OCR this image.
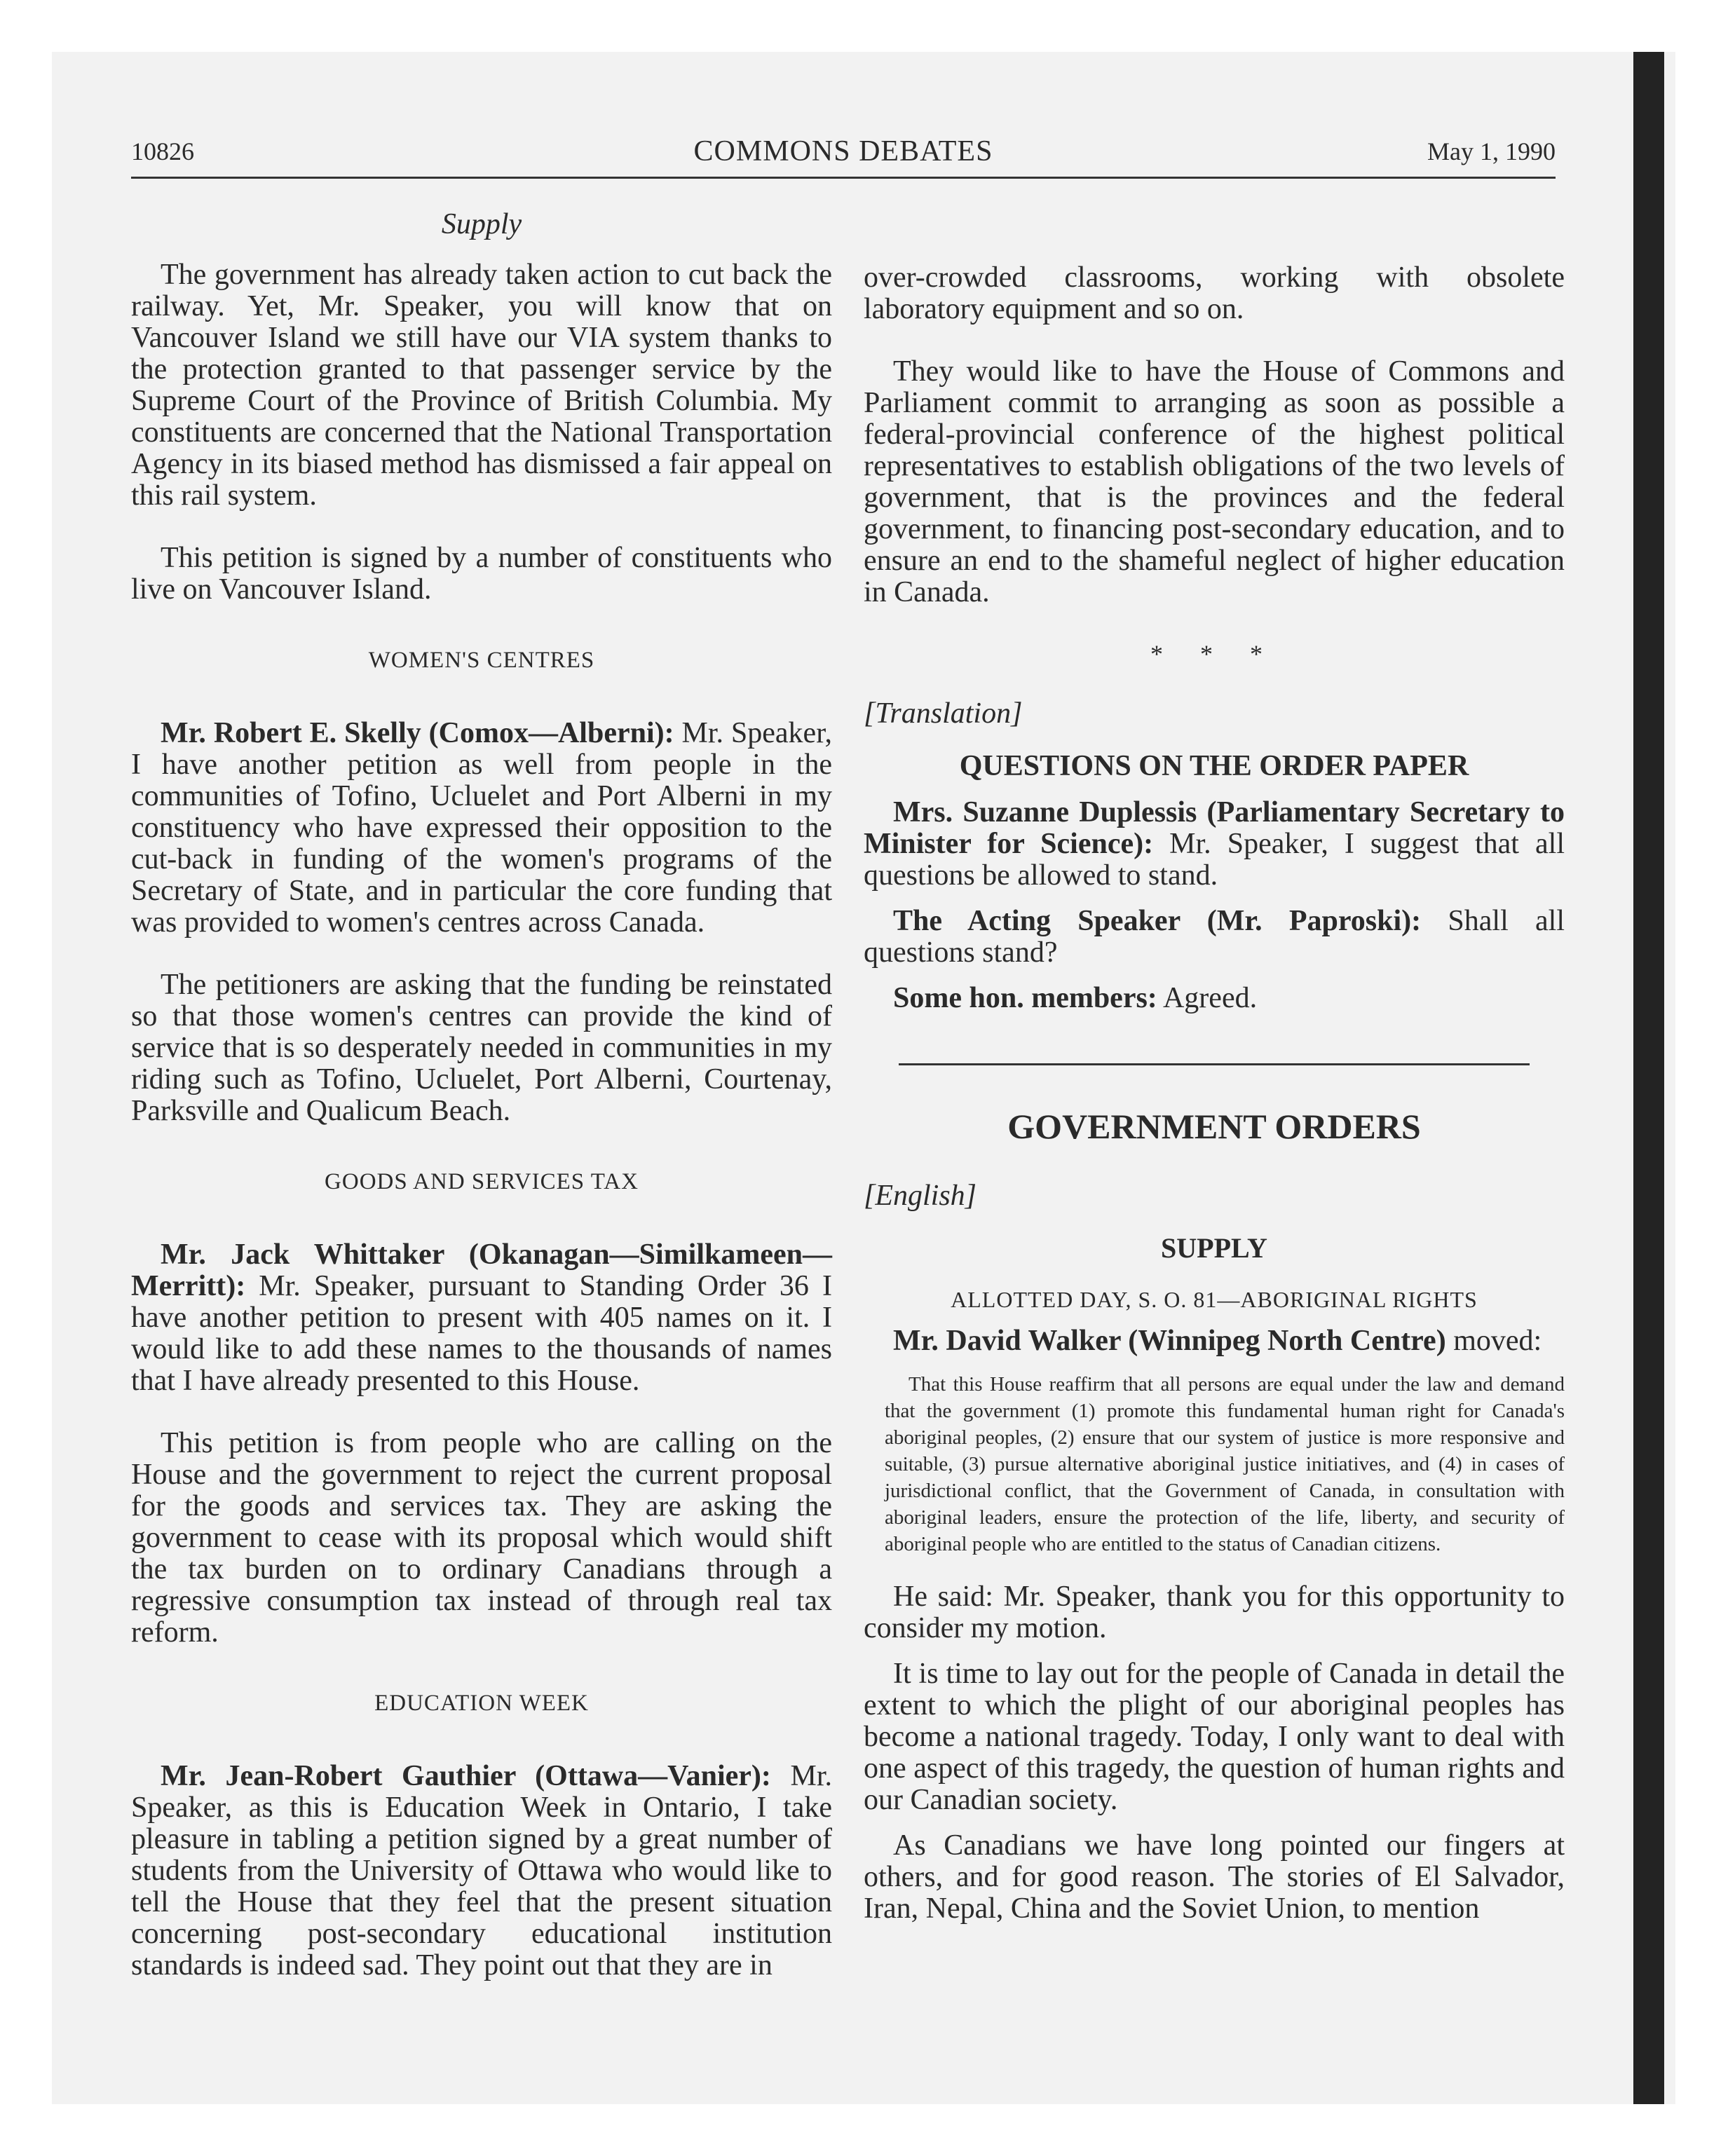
10826	COMMONS DEBATES	May 1, 1990
Supply

The government has already taken action to cut back the railway. Yet, Mr. Speaker, you will know that on Vancouver Island we still have our VIA system thanks to the protection granted to that passenger service by the Supreme Court of the Province of British Columbia. My constituents are concerned that the National Transportation Agency in its biased method has dismissed a fair appeal on this rail system.

This petition is signed by a number of constituents who live on Vancouver Island.

WOMEN'S CENTRES

Mr. Robert E. Skelly (Comox—Alberni): Mr. Speaker, I have another petition as well from people in the communities of Tofino, Ucluelet and Port Alberni in my constituency who have expressed their opposition to the cut-back in funding of the women's programs of the Secretary of State, and in particular the core funding that was provided to women's centres across Canada.

The petitioners are asking that the funding be reinstated so that those women's centres can provide the kind of service that is so desperately needed in communities in my riding such as Tofino, Ucluelet, Port Alberni, Courtenay, Parksville and Qualicum Beach.

GOODS AND SERVICES TAX

Mr. Jack Whittaker (Okanagan—Similkameen—Merritt): Mr. Speaker, pursuant to Standing Order 36 I have another petition to present with 405 names on it. I would like to add these names to the thousands of names that I have already presented to this House.

This petition is from people who are calling on the House and the government to reject the current proposal for the goods and services tax. They are asking the government to cease with its proposal which would shift the tax burden on to ordinary Canadians through a regressive consumption tax instead of through real tax reform.

EDUCATION WEEK

Mr. Jean-Robert Gauthier (Ottawa—Vanier): Mr. Speaker, as this is Education Week in Ontario, I take pleasure in tabling a petition signed by a great number of students from the University of Ottawa who would like to tell the House that they feel that the present situation concerning post-secondary educational institution standards is indeed sad. They point out that they are in

over-crowded classrooms, working with obsolete laboratory equipment and so on.

They would like to have the House of Commons and Parliament commit to arranging as soon as possible a federal-provincial conference of the highest political representatives to establish obligations of the two levels of government, that is the provinces and the federal government, to financing post-secondary education, and to ensure an end to the shameful neglect of higher education in Canada.

* * *

[Translation]

QUESTIONS ON THE ORDER PAPER

Mrs. Suzanne Duplessis (Parliamentary Secretary to Minister for Science): Mr. Speaker, I suggest that all questions be allowed to stand.

The Acting Speaker (Mr. Paproski): Shall all questions stand?

Some hon. members: Agreed.

GOVERNMENT ORDERS

[English]

SUPPLY
ALLOTTED DAY, S. O. 81—ABORIGINAL RIGHTS

Mr. David Walker (Winnipeg North Centre) moved:

That this House reaffirm that all persons are equal under the law and demand that the government (1) promote this fundamental human right for Canada's aboriginal peoples, (2) ensure that our system of justice is more responsive and suitable, (3) pursue alternative aboriginal justice initiatives, and (4) in cases of jurisdictional conflict, that the Government of Canada, in consultation with aboriginal leaders, ensure the protection of the life, liberty, and security of aboriginal people who are entitled to the status of Canadian citizens.

He said: Mr. Speaker, thank you for this opportunity to consider my motion.

It is time to lay out for the people of Canada in detail the extent to which the plight of our aboriginal peoples has become a national tragedy. Today, I only want to deal with one aspect of this tragedy, the question of human rights and our Canadian society.

As Canadians we have long pointed our fingers at others, and for good reason. The stories of El Salvador, Iran, Nepal, China and the Soviet Union, to mention
